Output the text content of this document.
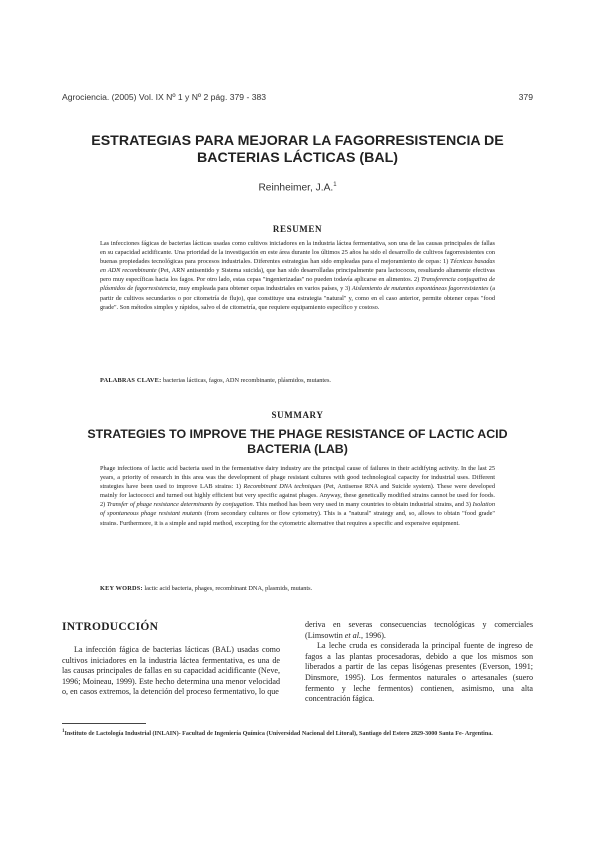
Agrociencia. (2005) Vol. IX Nº 1 y Nº 2 pág. 379 - 383	379
ESTRATEGIAS PARA MEJORAR LA FAGORRESISTENCIA DE BACTERIAS LÁCTICAS (BAL)
Reinheimer, J.A.$^1$
RESUMEN

Las infecciones fágicas de bacterias lácticas usadas como cultivos iniciadores en la industria láctea fermentativa, son una de las causas principales de fallas en su capacidad acidificante. Una prioridad de la investigación en este área durante los últimos 25 años ha sido el desarrollo de cultivos fagorresistentes con buenas propiedades tecnológicas para procesos industriales. Diferentes estrategias han sido empleadas para el mejoramiento de cepas: 1) Técnicas basadas en ADN recombinante (Pet, ARN antisentido y Sistema suicida), que han sido desarrolladas principalmente para lactococos, resultando altamente efectivas pero muy específicas hacia los fagos. Por otro lado, estas cepas "ingenierizadas" no pueden todavía aplicarse en alimentos. 2) Transferencia conjugativa de plásmidos de fagorresistencia, muy empleada para obtener cepas industriales en varios países, y 3) Aislamiento de mutantes espontáneas fagorresistentes (a partir de cultivos secundarios o por citometría de flujo), que constituye una estrategia "natural" y, como en el caso anterior, permite obtener cepas "food grade". Son métodos simples y rápidos, salvo el de citometría, que requiere equipamiento específico y costoso.

PALABRAS CLAVE: bacterias lácticas, fagos, ADN recombinante, plásmidos, mutantes.

SUMMARY
STRATEGIES TO IMPROVE THE PHAGE RESISTANCE OF LACTIC ACID BACTERIA (LAB)

Phage infections of lactic acid bacteria used in the fermentative dairy industry are the principal cause of failures in their acidifying activity. In the last 25 years, a priority of research in this area was the development of phage resistant cultures with good technological capacity for industrial uses. Different strategies have been used to improve LAB strains: 1) Recombinant DNA techniques (Pet, Antisense RNA and Suicide system). These were developed mainly for lactococci and turned out highly efficient but very specific against phages. Anyway, these genetically modified strains cannot be used for foods. 2) Transfer of phage resistance determinants by conjugation. This method has been very used in many countries to obtain industrial strains, and 3) Isolation of spontaneous phage resistant mutants (from secondary cultures or flow cytometry). This is a "natural" strategy and, so, allows to obtain "food grade" strains. Furthermore, it is a simple and rapid method, excepting for the cytometric alternative that requires a specific and expensive equipment.

KEY WORDS: lactic acid bacteria, phages, recombinant DNA, plasmids, mutants.

INTRODUCCIÓN

La infección fágica de bacterias lácticas (BAL) usadas como cultivos iniciadores en la industria láctea fermentativa, es una de las causas principales de fallas en su capacidad acidificante (Neve, 1996; Moineau, 1999). Este hecho determina una menor velocidad o, en casos extremos, la detención del proceso fermentativo, lo que

deriva en severas consecuencias tecnológicas y comerciales (Limsowtin et al., 1996).

La leche cruda es considerada la principal fuente de ingreso de fagos a las plantas procesadoras, debido a que los mismos son liberados a partir de las cepas lisógenas presentes (Everson, 1991; Dinsmore, 1995). Los fermentos naturales o artesanales (suero fermento y leche fermentos) contienen, asimismo, una alta concentración fágica.

$^1$Instituto de Lactología Industrial (INLAIN)- Facultad de Ingeniería Química (Universidad Nacional del Litoral), Santiago del Estero 2829-3000 Santa Fe- Argentina.
